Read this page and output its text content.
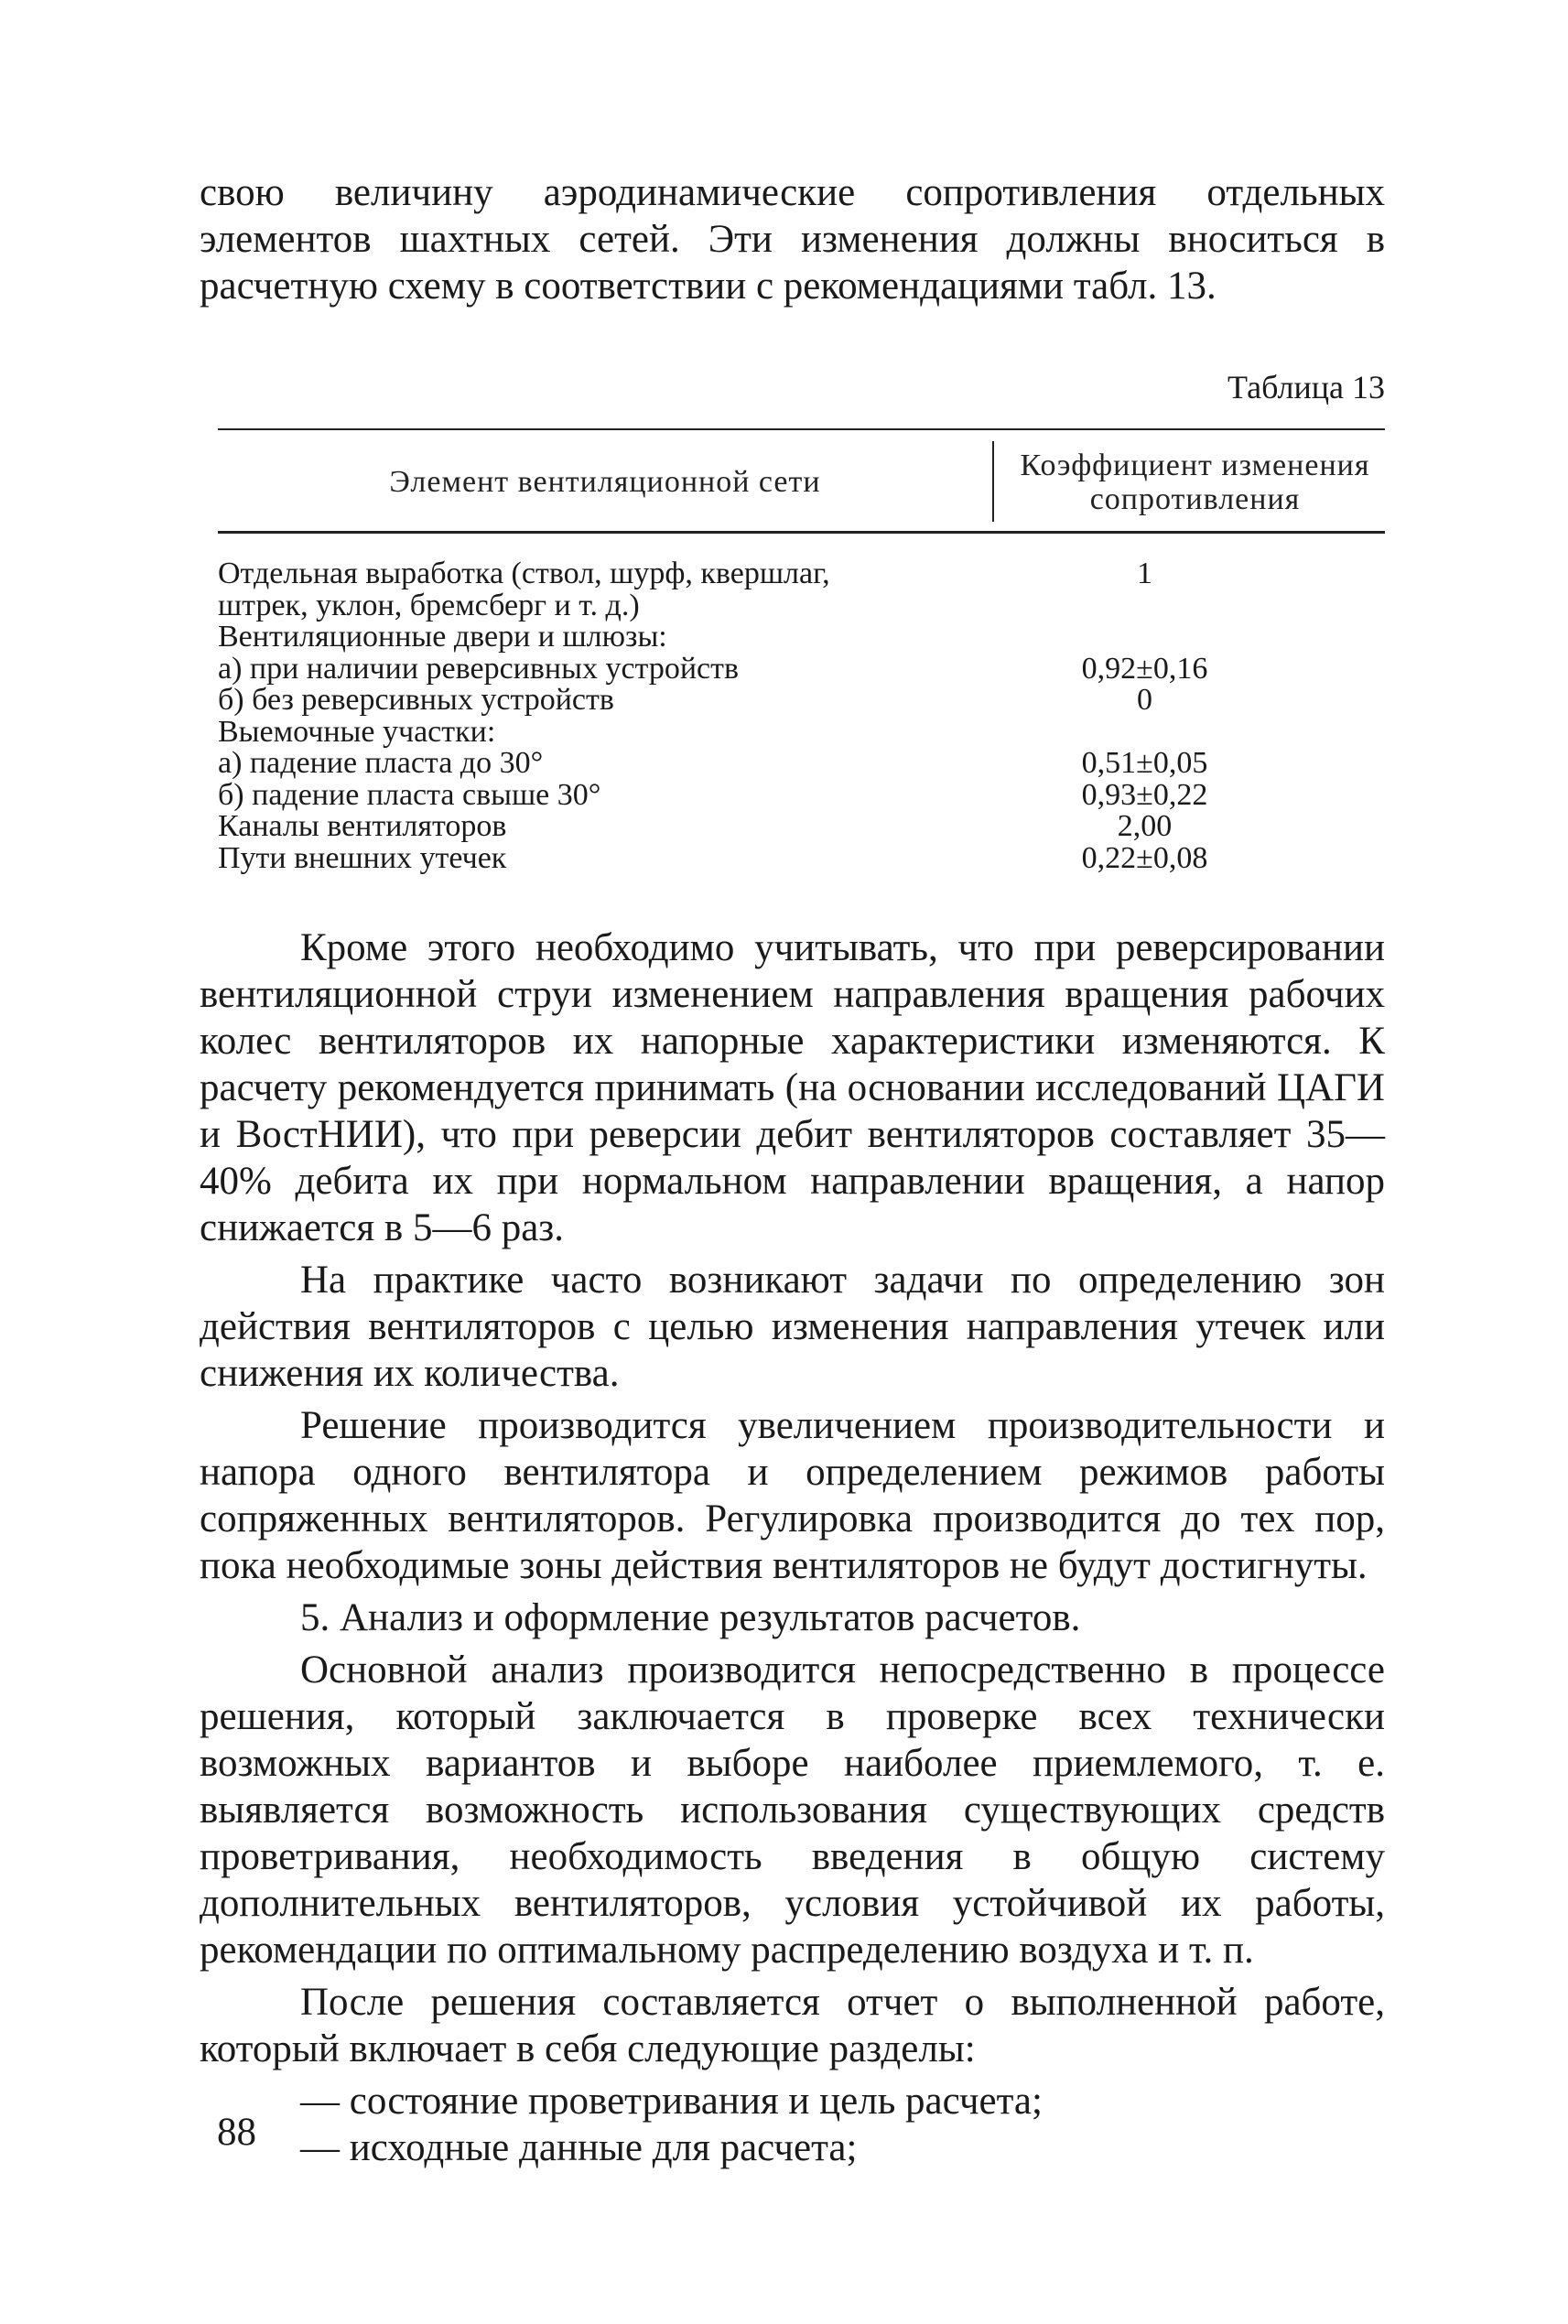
свою величину аэродинамические сопротивления отдельных элементов шахтных сетей. Эти изменения должны вноситься в расчетную схему в соответствии с рекомендациями табл. 13.

Таблица 13
Элемент вентиляционной сети	Коэффициент изменения сопротивления
Отдельная выработка (ствол, шурф, квершлаг,	1
штрек, уклон, бремсберг и т. д.)
Вентиляционные двери и шлюзы:
а) при наличии реверсивных устройств	0,92±0,16
б) без реверсивных устройств	0
Выемочные участки:
а) падение пласта до 30°	0,51±0,05
б) падение пласта свыше 30°	0,93±0,22
Каналы вентиляторов	2,00
Пути внешних утечек	0,22±0,08

Кроме этого необходимо учитывать, что при реверсировании вентиляционной струи изменением направления вращения рабочих колес вентиляторов их напорные характеристики изменяются. К расчету рекомендуется принимать (на основании исследований ЦАГИ и ВостНИИ), что при реверсии дебит вентиляторов составляет 35—40% дебита их при нормальном направлении вращения, а напор снижается в 5—6 раз.

На практике часто возникают задачи по определению зон действия вентиляторов с целью изменения направления утечек или снижения их количества.

Решение производится увеличением производительности и напора одного вентилятора и определением режимов работы сопряженных вентиляторов. Регулировка производится до тех пор, пока необходимые зоны действия вентиляторов не будут достигнуты.

5. Анализ и оформление результатов расчетов.

Основной анализ производится непосредственно в процессе решения, который заключается в проверке всех технически возможных вариантов и выборе наиболее приемлемого, т. е. выявляется возможность использования существующих средств проветривания, необходимость введения в общую систему дополнительных вентиляторов, условия устойчивой их работы, рекомендации по оптимальному распределению воздуха и т. п.

После решения составляется отчет о выполненной работе, который включает в себя следующие разделы:

— состояние проветривания и цель расчета;

— исходные данные для расчета;

88
